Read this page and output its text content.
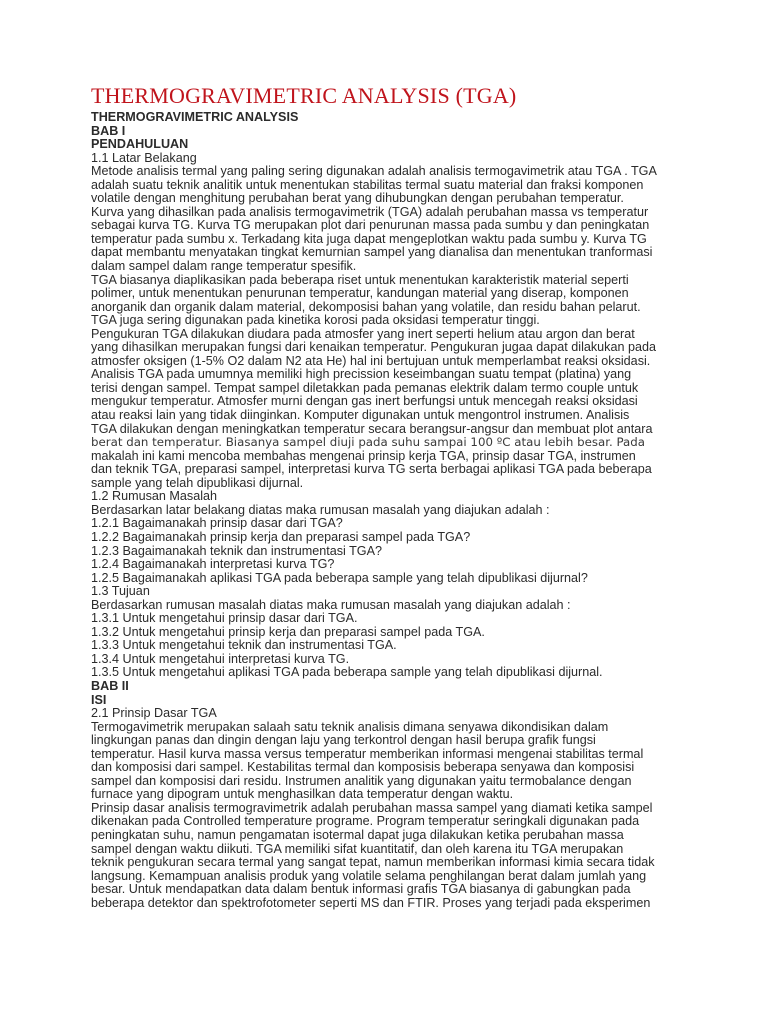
THERMOGRAVIMETRIC ANALYSIS (TGA)
THERMOGRAVIMETRIC ANALYSIS
BAB I
PENDAHULUAN
1.1 Latar Belakang
Metode analisis termal yang paling sering digunakan adalah analisis termogavimetrik atau TGA . TGA
adalah suatu teknik analitik untuk menentukan stabilitas termal suatu material dan fraksi komponen
volatile dengan menghitung perubahan berat yang dihubungkan dengan perubahan temperatur.
Kurva yang dihasilkan pada analisis termogavimetrik (TGA) adalah perubahan massa vs temperatur
sebagai kurva TG. Kurva TG merupakan plot dari penurunan massa pada sumbu y dan peningkatan
temperatur pada sumbu x. Terkadang kita juga dapat mengeplotkan waktu pada sumbu y. Kurva TG
dapat membantu menyatakan tingkat kemurnian sampel yang dianalisa dan menentukan tranformasi
dalam sampel dalam range temperatur spesifik.
TGA biasanya diaplikasikan pada beberapa riset untuk menentukan karakteristik material seperti
polimer, untuk menentukan penurunan temperatur, kandungan material yang diserap, komponen
anorganik dan organik dalam material, dekomposisi bahan yang volatile, dan residu bahan pelarut.
TGA juga sering digunakan pada kinetika korosi pada oksidasi temperatur tinggi.
Pengukuran TGA dilakukan diudara pada atmosfer yang inert seperti helium atau argon dan berat
yang dihasilkan merupakan fungsi dari kenaikan temperatur. Pengukuran jugaa dapat dilakukan pada
atmosfer oksigen (1-5% O2 dalam N2 ata He) hal ini bertujuan untuk memperlambat reaksi oksidasi.
Analisis TGA pada umumnya memiliki high precission keseimbangan suatu tempat (platina) yang
terisi dengan sampel. Tempat sampel diletakkan pada pemanas elektrik dalam termo couple untuk
mengukur temperatur. Atmosfer murni dengan gas inert berfungsi untuk mencegah reaksi oksidasi
atau reaksi lain yang tidak diinginkan. Komputer digunakan untuk mengontrol instrumen. Analisis
TGA dilakukan dengan meningkatkan temperatur secara berangsur-angsur dan membuat plot antara
berat dan temperatur. Biasanya sampel diuji pada suhu sampai 100 ºC atau lebih besar. Pada
makalah ini kami mencoba membahas mengenai prinsip kerja TGA, prinsip dasar TGA, instrumen
dan teknik TGA, preparasi sampel, interpretasi kurva TG serta berbagai aplikasi TGA pada beberapa
sample yang telah dipublikasi dijurnal.
1.2 Rumusan Masalah
Berdasarkan latar belakang diatas maka rumusan masalah yang diajukan adalah :
1.2.1 Bagaimanakah prinsip dasar dari TGA?
1.2.2 Bagaimanakah prinsip kerja dan preparasi sampel pada TGA?
1.2.3 Bagaimanakah teknik dan instrumentasi TGA?
1.2.4 Bagaimanakah interpretasi kurva TG?
1.2.5 Bagaimanakah aplikasi TGA pada beberapa sample yang telah dipublikasi dijurnal?
1.3 Tujuan
Berdasarkan rumusan masalah diatas maka rumusan masalah yang diajukan adalah :
1.3.1 Untuk mengetahui prinsip dasar dari TGA.
1.3.2 Untuk mengetahui prinsip kerja dan preparasi sampel pada TGA.
1.3.3 Untuk mengetahui teknik dan instrumentasi TGA.
1.3.4 Untuk mengetahui interpretasi kurva TG.
1.3.5 Untuk mengetahui aplikasi TGA pada beberapa sample yang telah dipublikasi dijurnal.
BAB II
ISI
2.1 Prinsip Dasar TGA
Termogavimetrik merupakan salaah satu teknik analisis dimana senyawa dikondisikan dalam
lingkungan panas dan dingin dengan laju yang terkontrol dengan hasil berupa grafik fungsi
temperatur. Hasil kurva massa versus temperatur memberikan informasi mengenai stabilitas termal
dan komposisi dari sampel. Kestabilitas termal dan komposisis beberapa senyawa dan komposisi
sampel dan komposisi dari residu. Instrumen analitik yang digunakan yaitu termobalance dengan
furnace yang dipogram untuk menghasilkan data temperatur dengan waktu.
Prinsip dasar analisis termogravimetrik adalah perubahan massa sampel yang diamati ketika sampel
dikenakan pada Controlled temperature programe. Program temperatur seringkali digunakan pada
peningkatan suhu, namun pengamatan isotermal dapat juga dilakukan ketika perubahan massa
sampel dengan waktu diikuti. TGA memiliki sifat kuantitatif, dan oleh karena itu TGA merupakan
teknik pengukuran secara termal yang sangat tepat, namun memberikan informasi kimia secara tidak
langsung. Kemampuan analisis produk yang volatile selama penghilangan berat dalam jumlah yang
besar. Untuk mendapatkan data dalam bentuk informasi grafis TGA biasanya di gabungkan pada
beberapa detektor dan spektrofotometer seperti MS dan FTIR. Proses yang terjadi pada eksperimen
